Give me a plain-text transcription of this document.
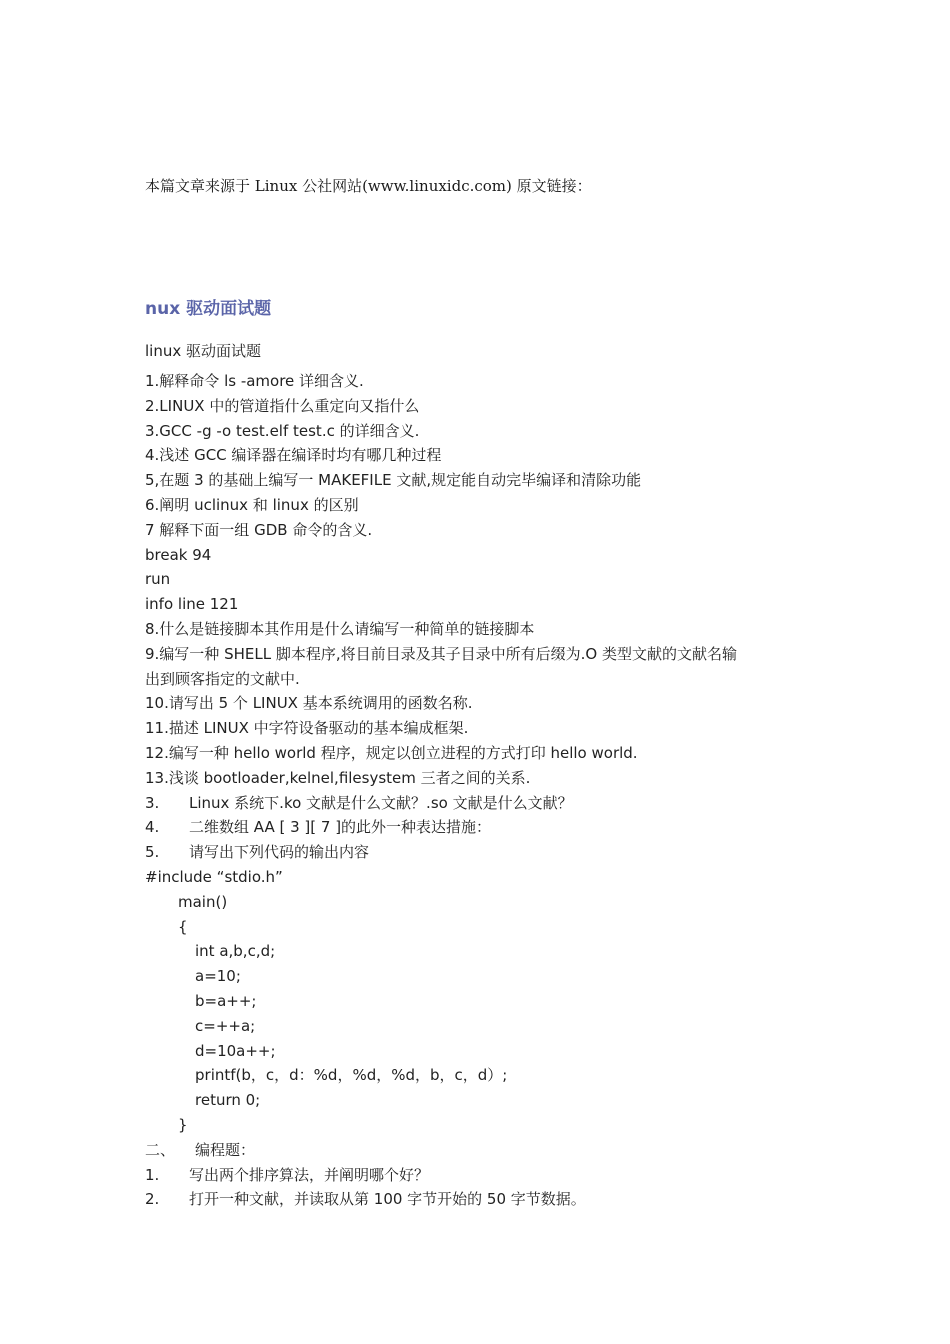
本篇文章来源于 Linux 公社网站(www.linuxidc.com) 原文链接：
nux 驱动面试题
linux 驱动面试题
1.解释命令 ls -amore 详细含义.
2.LINUX 中的管道指什么重定向又指什么
3.GCC -g -o test.elf test.c 的详细含义.
4.浅述 GCC 编译器在编译时均有哪几种过程
5,在题 3 的基础上编写一 MAKEFILE 文献,规定能自动完毕编译和清除功能
6.阐明 uclinux 和 linux 的区别
7 解释下面一组 GDB 命令的含义.
break 94
run
info line 121
8.什么是链接脚本其作用是什么请编写一种简单的链接脚本
9.编写一种 SHELL 脚本程序,将目前目录及其子目录中所有后缀为.O 类型文献的文献名输
出到顾客指定的文献中.
10.请写出 5 个 LINUX 基本系统调用的函数名称.
11.描述 LINUX 中字符设备驱动的基本编成框架.
12.编写一种 hello world 程序，规定以创立进程的方式打印 hello world.
13.浅谈 bootloader,kelnel,filesystem 三者之间的关系.
3. Linux 系统下.ko 文献是什么文献？.so 文献是什么文献？
4. 二维数组 AA [ 3 ][ 7 ]的此外一种表达措施：
5. 请写出下列代码的输出内容
#include “stdio.h”
main()
{
int a,b,c,d;
a=10;
b=a++;
c=++a;
d=10a++;
printf(b，c，d：%d，%d，%d，b，c，d）;
return 0;
}
二、 编程题：
1. 写出两个排序算法，并阐明哪个好？
2. 打开一种文献，并读取从第 100 字节开始的 50 字节数据。
